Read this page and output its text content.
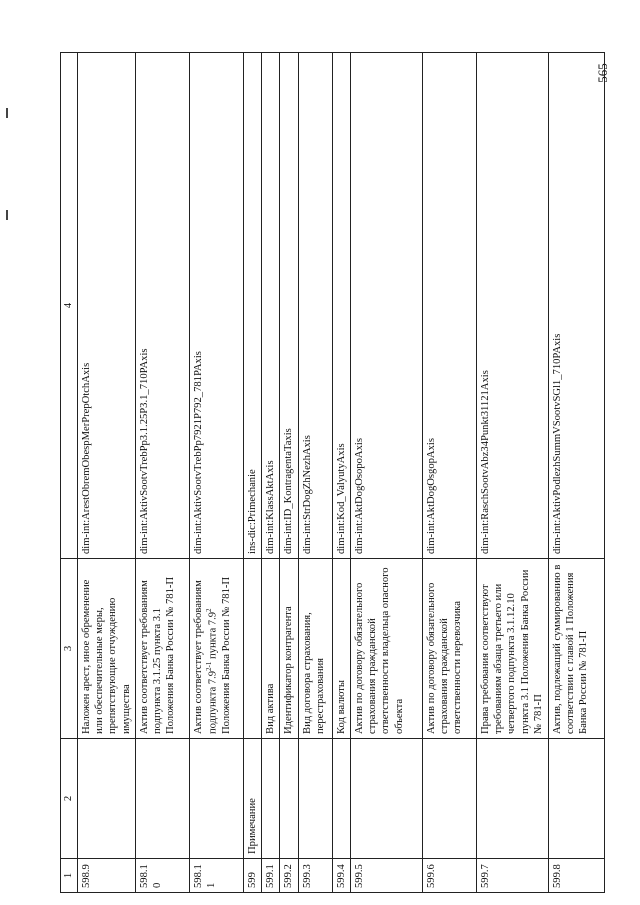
565
1	2	3	4
598.9		Наложен арест, иное обременение или обеспечительные меры, препятствующие отчуждению имущества	dim-int:ArestObremObespMerPrepOtchAxis
598.10		Актив соответствует требованиям подпункта 3.1.25 пункта 3.1 Положения Банка России № 781-П	dim-int:AktivSootvTrebPp3.1.25P3.1_710PAxis
598.11		Актив соответствует требованиям подпункта 7.9$^{2-1}$ пункта $7.9^2$ Положения Банка России № 781-П	dim-int:AktivSootvTrebPp7921P792_781PAxis
599	Примечание		ins-dic:Primechanie
599.1		Вид актива	dim-int:KlassAktAxis
599.2		Идентификатор контрагента	dim-int:ID_KontragentaTaxis
599.3		Вид договора страхования, перестрахования	dim-int:StrDogZhNezhAxis
599.4		Код валюты	dim-int:Kod_ValyutyAxis
599.5		Актив по договору обязательного страхования гражданской ответственности владельца опасного объекта	dim-int:AktDogOsopoAxis
599.6		Актив по договору обязательного страхования гражданской ответственности перевозчика	dim-int:AktDogOsgopAxis
599.7		Права требования соответствуют требованиям абзаца третьего или четвертого подпункта 3.1.12.10 пункта 3.1 Положения Банка России № 781-П	dim-int:RaschSootvAbz34Punkt31121Axis
599.8		Актив, подлежащий суммированию в соответствии с главой 1 Положения Банка России № 781-П	dim-int:AktivPodlezhSummVSootvSGl1_710PAxis
